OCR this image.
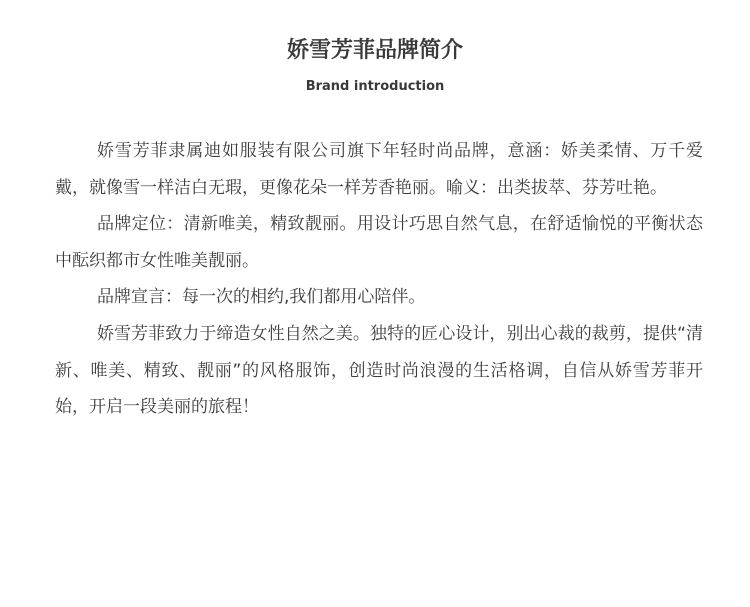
娇雪芳菲品牌简介
Brand introduction

娇雪芳菲隶属迪如服装有限公司旗下年轻时尚品牌，意涵：娇美柔情、万千爱戴，就像雪一样洁白无瑕，更像花朵一样芳香艳丽。喻义：出类拔萃、芬芳吐艳。

品牌定位：清新唯美，精致靓丽。用设计巧思自然气息，在舒适愉悦的平衡状态中酝织都市女性唯美靓丽。

品牌宣言：每一次的相约,我们都用心陪伴。

娇雪芳菲致力于缔造女性自然之美。独特的匠心设计，别出心裁的裁剪，提供“清新、唯美、精致、靓丽”的风格服饰，创造时尚浪漫的生活格调，自信从娇雪芳菲开始，开启一段美丽的旅程！
